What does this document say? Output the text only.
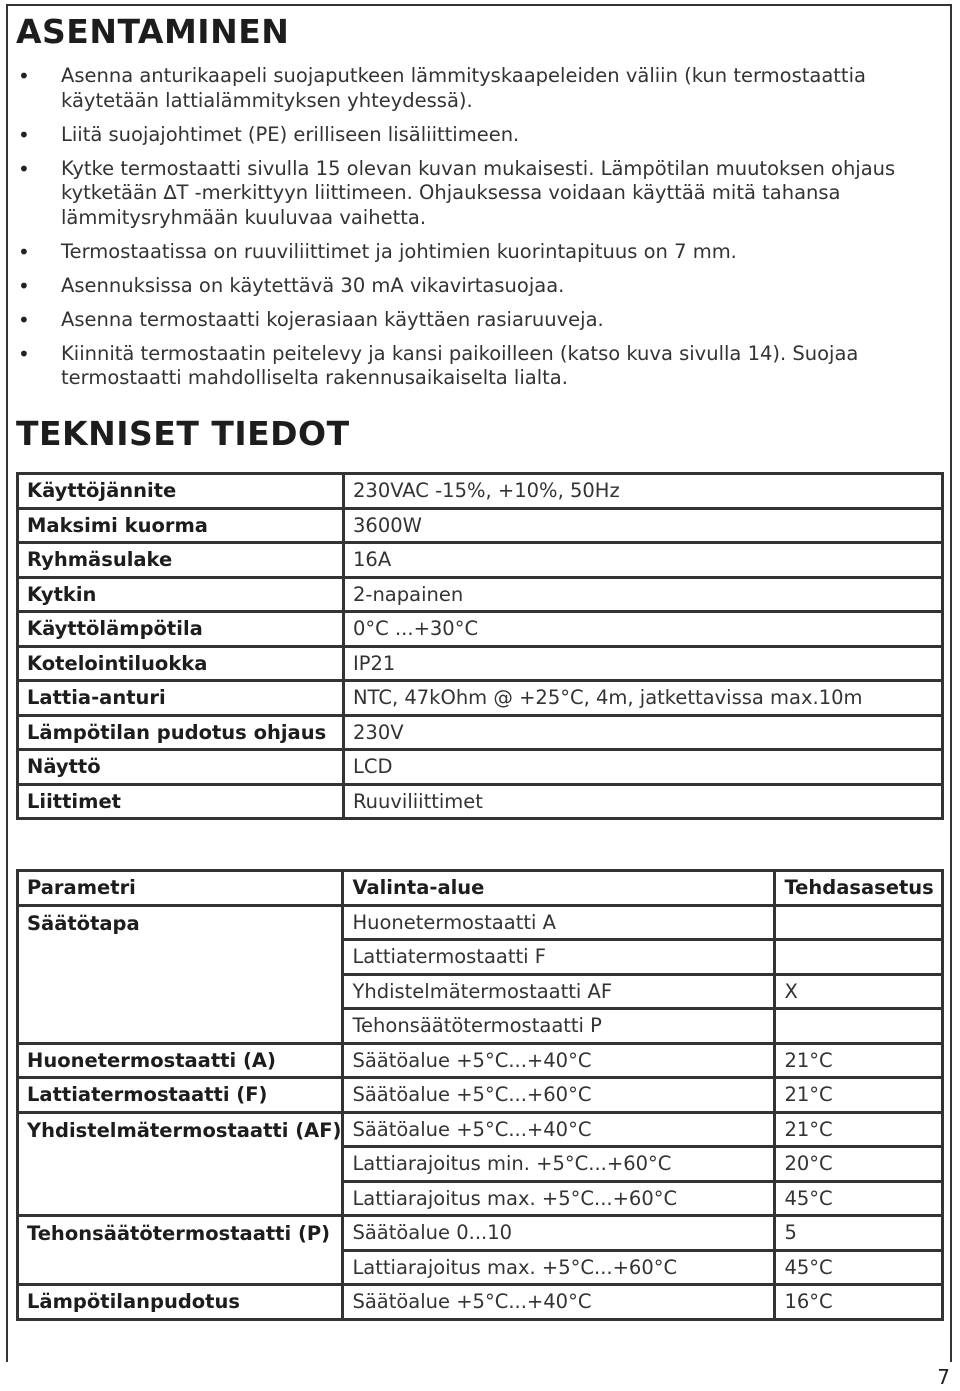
ASENTAMINEN
• Asenna anturikaapeli suojaputkeen lämmityskaapeleiden väliin (kun termostaattia käytetään lattialämmityksen yhteydessä).
• Liitä suojajohtimet (PE) erilliseen lisäliittimeen.
• Kytke termostaatti sivulla 15 olevan kuvan mukaisesti. Lämpötilan muutoksen ohjaus kytketään ∆T -merkittyyn liittimeen. Ohjauksessa voidaan käyttää mitä tahansa lämmitysryhmään kuuluvaa vaihetta.
• Termostaatissa on ruuviliittimet ja johtimien kuorintapituus on 7 mm.
• Asennuksissa on käytettävä 30 mA vikavirtasuojaa.
• Asenna termostaatti kojerasiaan käyttäen rasiaruuveja.
• Kiinnitä termostaatin peitelevy ja kansi paikoilleen (katso kuva sivulla 14). Suojaa termostaatti mahdolliselta rakennusaikaiselta lialta.
TEKNISET TIEDOT
Käyttöjännite	230VAC -15%, +10%, 50Hz
Maksimi kuorma	3600W
Ryhmäsulake	16A
Kytkin	2-napainen
Käyttölämpötila	0°C ...+30°C
Kotelointiluokka	IP21
Lattia-anturi	NTC, 47kOhm @ +25°C, 4m, jatkettavissa max.10m
Lämpötilan pudotus ohjaus	230V
Näyttö	LCD
Liittimet	Ruuviliittimet
Parametri	Valinta-alue	Tehdasasetus
Säätötapa	Huonetermostaatti A	
	Lattiatermostaatti F	
	Yhdistelmätermostaatti AF	X
	Tehonsäätötermostaatti P	
Huonetermostaatti (A)	Säätöalue +5°C...+40°C	21°C
Lattiatermostaatti (F)	Säätöalue +5°C...+60°C	21°C
Yhdistelmätermostaatti (AF)	Säätöalue +5°C...+40°C	21°C
	Lattiarajoitus min. +5°C...+60°C	20°C
	Lattiarajoitus max. +5°C...+60°C	45°C
Tehonsäätötermostaatti (P)	Säätöalue 0...10	5
	Lattiarajoitus max. +5°C...+60°C	45°C
Lämpötilanpudotus	Säätöalue +5°C...+40°C	16°C
7
